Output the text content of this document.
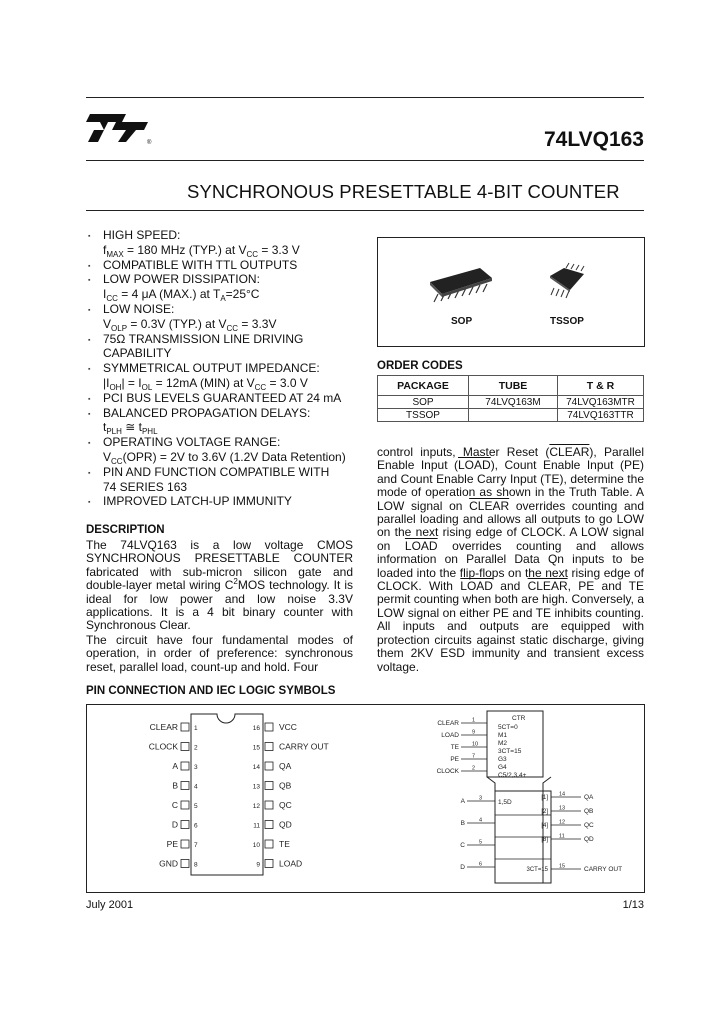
®	74LVQ163
SYNCHRONOUS PRESETTABLE 4-BIT COUNTER
▪ HIGH SPEED:
$f_{MAX} = 180$ MHz (TYP.) at $V_{CC} = 3.3$ V
▪ COMPATIBLE WITH TTL OUTPUTS
▪ LOW POWER DISSIPATION:
$I_{CC} = 4$ μA (MAX.) at $T_A=25^\circ C$
▪ LOW NOISE:
$V_{OLP} = 0.3V$ (TYP.) at $V_{CC} = 3.3V$
▪ 75Ω TRANSMISSION LINE DRIVING
CAPABILITY
▪ SYMMETRICAL OUTPUT IMPEDANCE:
$|I_{OH}| = I_{OL} = 12mA$ (MIN) at $V_{CC} = 3.0$ V
▪ PCI BUS LEVELS GUARANTEED AT 24 mA
▪ BALANCED PROPAGATION DELAYS:
$t_{PLH}$ ≅ $t_{PHL}$
▪ OPERATING VOLTAGE RANGE:
$V_{CC}(OPR) = 2V$ to 3.6V (1.2V Data Retention)
▪ PIN AND FUNCTION COMPATIBLE WITH
74 SERIES 163
▪ IMPROVED LATCH-UP IMMUNITY
SOP	TSSOP
ORDER CODES
PACKAGE	TUBE	T & R
SOP	74LVQ163M	74LVQ163MTR
TSSOP		74LVQ163TTR
DESCRIPTION
The 74LVQ163 is a low voltage CMOS SYNCHRONOUS PRESETTABLE COUNTER fabricated with sub-micron silicon gate and double-layer metal wiring $C^2MOS$ technology. It is ideal for low power and low noise 3.3V applications. It is a 4 bit binary counter with Synchronous Clear.
The circuit have four fundamental modes of operation, in order of preference: synchronous reset, parallel load, count-up and hold. Four
control inputs, Master Reset (CLEAR), Parallel Enable Input (LOAD), Count Enable Input (PE) and Count Enable Carry Input (TE), determine the mode of operation as shown in the Truth Table. A LOW signal on CLEAR overrides counting and parallel loading and allows all outputs to go LOW on the next rising edge of CLOCK. A LOW signal on LOAD overrides counting and allows information on Parallel Data Qn inputs to be loaded into the flip-flops on the next rising edge of CLOCK. With LOAD and CLEAR, PE and TE permit counting when both are high. Conversely, a LOW signal on either PE and TE inhibits counting. All inputs and outputs are equipped with protection circuits against static discharge, giving them 2KV ESD immunity and transient excess voltage.
PIN CONNECTION AND IEC LOGIC SYMBOLS
CLEAR 1
CLOCK 2
A 3
B 4
C 5
D 6
PE 7
GND 8
VCC
16
CARRY OUT
15
QA
14
QB
13
QC
12
QD
11
TE
10
LOAD
9
CTR
5CT=0
M1
M2
3CT=15
G3
G4
C5/2,3,4+
CLEAR 1
LOAD 9
TE 10
PE 7
CLOCK 2
A	3
B	4
C	5
D	6
1,5D
QA
14
[1]
QB
13
[2]
QC
12
[4]
QD
11
[8]
CARRY OUT
15
3CT=15
July 2001	1/13
